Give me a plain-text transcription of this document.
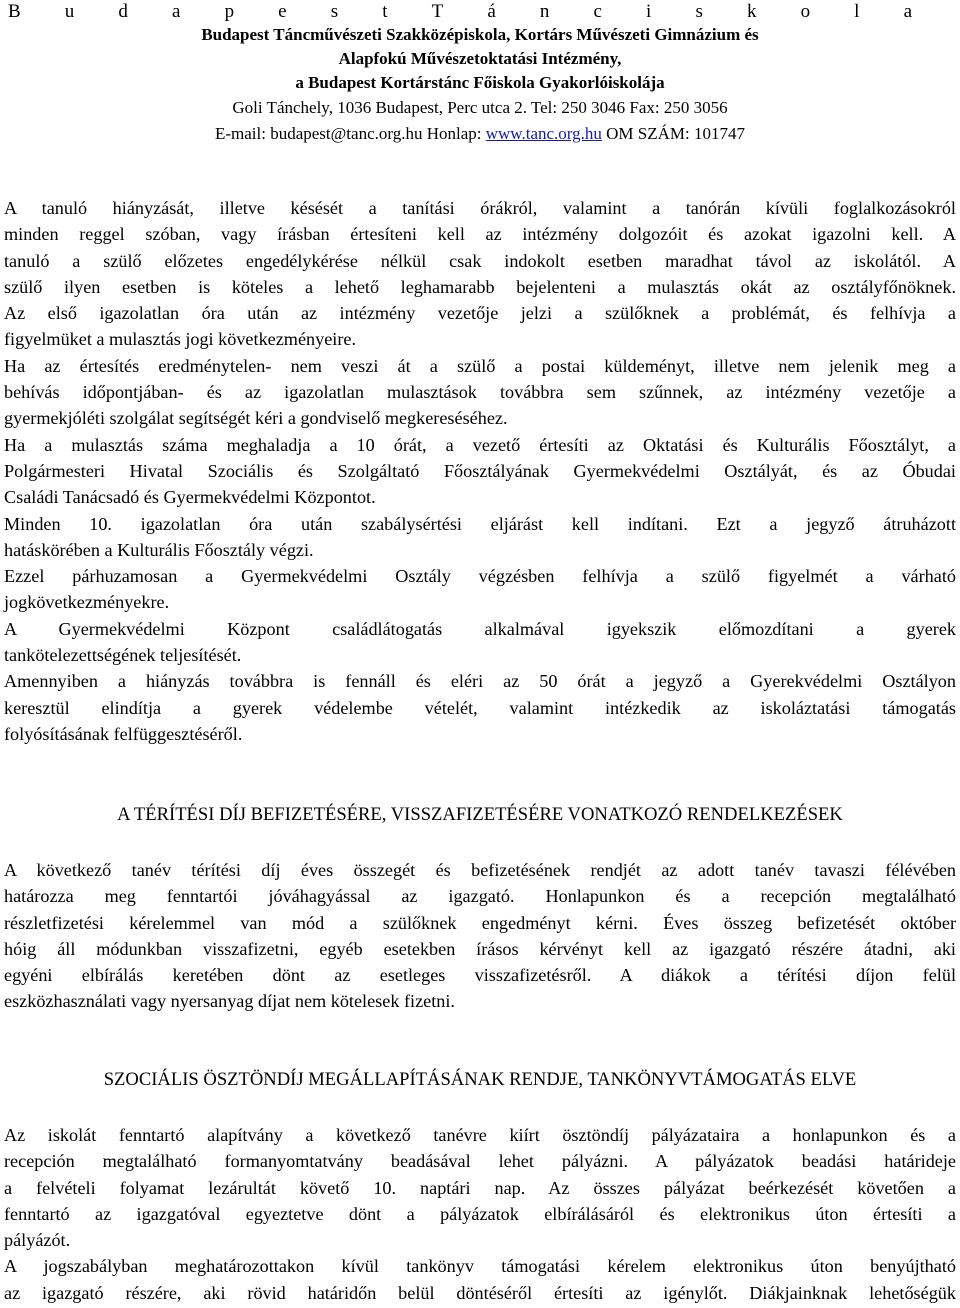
B u d a p e s t T á n c i s k o l a
Budapest Táncművészeti Szakközépiskola, Kortárs Művészeti Gimnázium és
Alapfokú Művészetoktatási Intézmény,
a Budapest Kortárstánc Főiskola Gyakorlóiskolája
Goli Tánchely, 1036 Budapest, Perc utca 2. Tel: 250 3046 Fax: 250 3056
E-mail: budapest@tanc.org.hu Honlap: www.tanc.org.hu OM SZÁM: 101747
A tanuló hiányzását, illetve késését a tanítási órákról, valamint a tanórán kívüli foglalkozásokról
minden reggel szóban, vagy írásban értesíteni kell az intézmény dolgozóit és azokat igazolni kell. A
tanuló a szülő előzetes engedélykérése nélkül csak indokolt esetben maradhat távol az iskolától. A
szülő ilyen esetben is köteles a lehető leghamarabb bejelenteni a mulasztás okát az osztályfőnöknek.
Az első igazolatlan óra után az intézmény vezetője jelzi a szülőknek a problémát, és felhívja a
figyelmüket a mulasztás jogi következményeire.
Ha az értesítés eredménytelen- nem veszi át a szülő a postai küldeményt, illetve nem jelenik meg a
behívás időpontjában- és az igazolatlan mulasztások továbbra sem szűnnek, az intézmény vezetője a
gyermekjóléti szolgálat segítségét kéri a gondviselő megkereséséhez.
Ha a mulasztás száma meghaladja a 10 órát, a vezető értesíti az Oktatási és Kulturális Főosztályt, a
Polgármesteri Hivatal Szociális és Szolgáltató Főosztályának Gyermekvédelmi Osztályát, és az Óbudai
Családi Tanácsadó és Gyermekvédelmi Központot.
Minden 10. igazolatlan óra után szabálysértési eljárást kell indítani. Ezt a jegyző átruházott
hatáskörében a Kulturális Főosztály végzi.
Ezzel párhuzamosan a Gyermekvédelmi Osztály végzésben felhívja a szülő figyelmét a várható
jogkövetkezményekre.
A Gyermekvédelmi Központ családlátogatás alkalmával igyekszik előmozdítani a gyerek
tankötelezettségének teljesítését.
Amennyiben a hiányzás továbbra is fennáll és eléri az 50 órát a jegyző a Gyerekvédelmi Osztályon
keresztül elindítja a gyerek védelembe vételét, valamint intézkedik az iskoláztatási támogatás
folyósításának felfüggesztéséről.
A TÉRÍTÉSI DÍJ BEFIZETÉSÉRE, VISSZAFIZETÉSÉRE VONATKOZÓ RENDELKEZÉSEK
A következő tanév térítési díj éves összegét és befizetésének rendjét az adott tanév tavaszi félévében
határozza meg fenntartói jóváhagyással az igazgató. Honlapunkon és a recepción megtalálható
részletfizetési kérelemmel van mód a szülőknek engedményt kérni. Éves összeg befizetését október
hóig áll módunkban visszafizetni, egyéb esetekben írásos kérvényt kell az igazgató részére átadni, aki
egyéni elbírálás keretében dönt az esetleges visszafizetésről. A diákok a térítési díjon felül
eszközhasználati vagy nyersanyag díjat nem kötelesek fizetni.
SZOCIÁLIS ÖSZTÖNDÍJ MEGÁLLAPÍTÁSÁNAK RENDJE, TANKÖNYVTÁMOGATÁS ELVE
Az iskolát fenntartó alapítvány a következő tanévre kiírt ösztöndíj pályázataira a honlapunkon és a
recepción megtalálható formanyomtatvány beadásával lehet pályázni. A pályázatok beadási határideje
a felvételi folyamat lezárultát követő 10. naptári nap. Az összes pályázat beérkezését követően a
fenntartó az igazgatóval egyeztetve dönt a pályázatok elbírálásáról és elektronikus úton értesíti a
pályázót.
A jogszabályban meghatározottakon kívül tankönyv támogatási kérelem elektronikus úton benyújtható
az igazgató részére, aki rövid határidőn belül döntéséről értesíti az igénylőt. Diákjainknak lehetőségük
